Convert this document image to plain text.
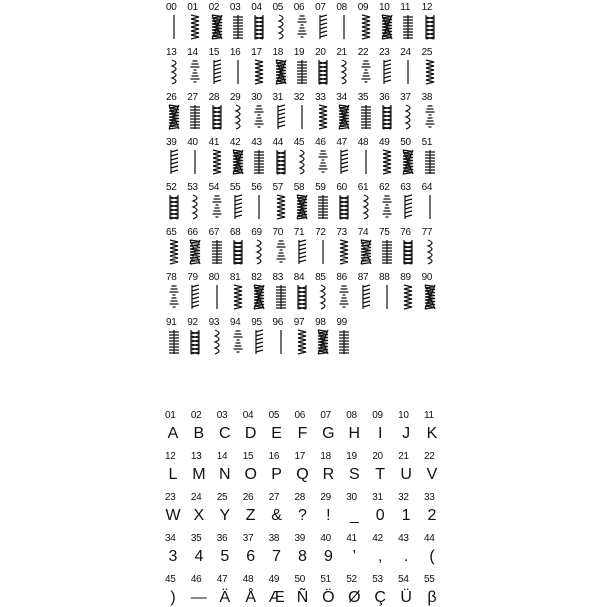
00 01 02 03 04 05 06 07 08 09 10 11 12
13 14 15 16 17 18 19 20 21 22 23 24 25
26 27 28 29 30 31 32 33 34 35 36 37 38
39 40 41 42 43 44 45 46 47 48 49 50 51
52 53 54 55 56 57 58 59 60 61 62 63 64
65 66 67 68 69 70 71 72 73 74 75 76 77
78 79 80 81 82 83 84 85 86 87 88 89 90
91 92 93 94 95 96 97 98 99
01
A
02
B
03
C
04
D
05
E
06
F
07
G
08
H
09
I
10
J
11
K
12
L
13
M
14
N
15
O
16
P
17
Q
18
R
19
S
20
T
21
U
22
V
23
W
24
X
25
Y
26
Z
27
&
28
?
29
!
30
_
31
0
32
1
33
2
34
3
35
4
36
5
37
6
38
7
39
8
40
9
41
’
42
,
43
.
44
(
45
)
46
—
47
Ä
48
Å
49
Æ
50
Ñ
51
Ö
52
Ø
53
Ç
54
Ü
55
β
